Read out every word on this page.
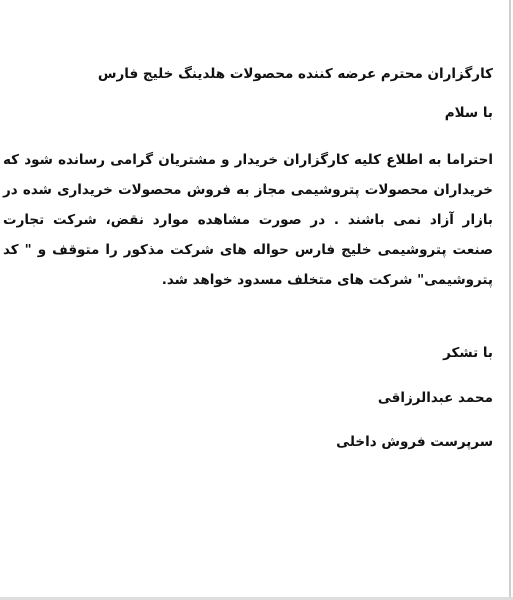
کارگزاران محترم عرضه کننده محصولات هلدینگ خلیج فارس

با سلام

احتراما به اطلاع کلیه کارگزاران خریدار و مشتریان گرامی رسانده شود که خریداران محصولات پتروشیمی مجاز به فروش محصولات خریداری شده در بازار آزاد نمی باشند . در صورت مشاهده موارد نقض، شرکت تجارت صنعت پتروشیمی خلیج فارس حواله های شرکت مذکور را متوقف و " کد پتروشیمی" شرکت های متخلف مسدود خواهد شد.

با تشکر

محمد عبدالرزاقی

سرپرست فروش داخلی
